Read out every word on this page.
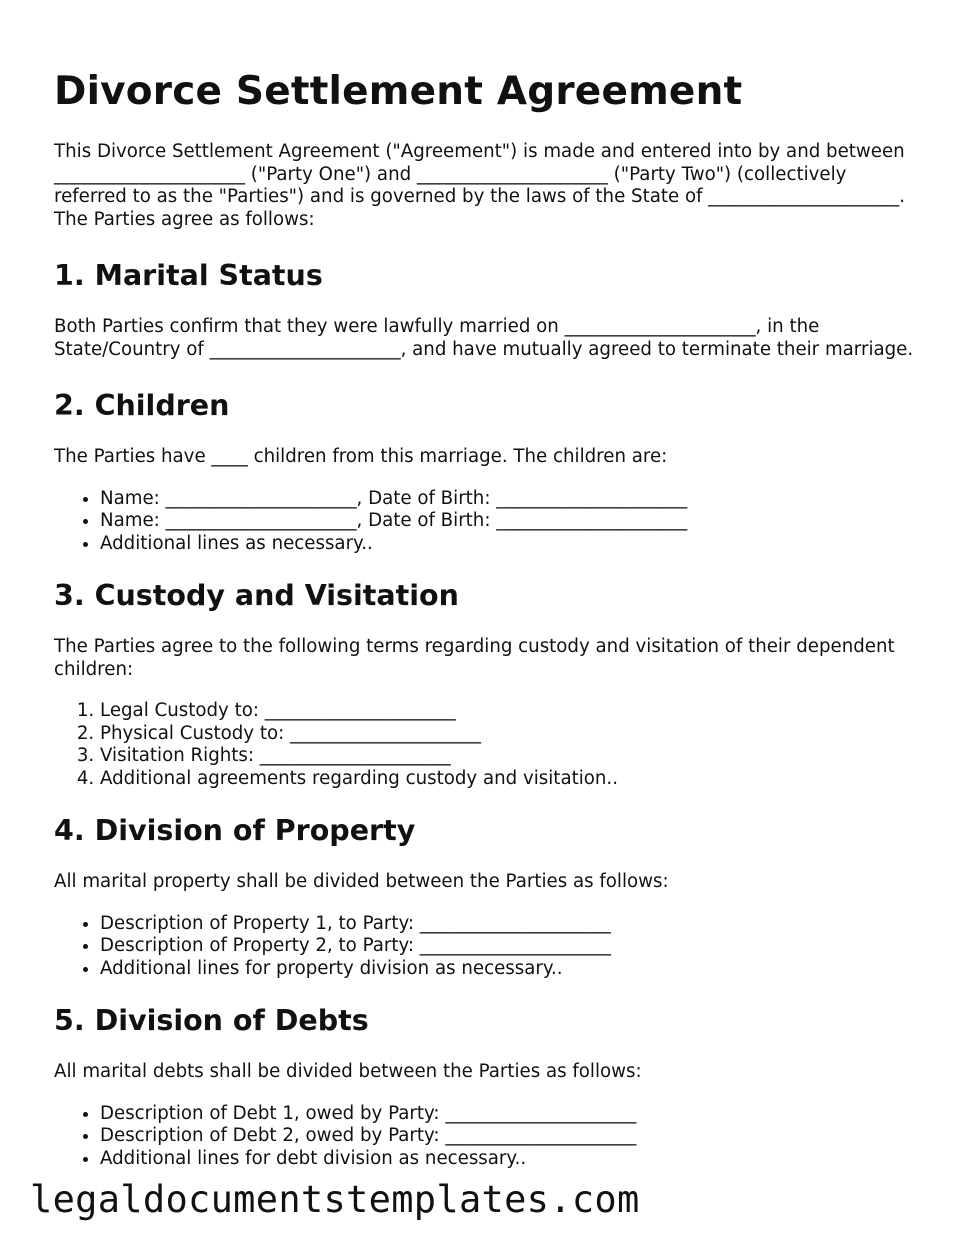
Divorce Settlement Agreement

This Divorce Settlement Agreement ("Agreement") is made and entered into by and between _____________________ ("Party One") and _____________________ ("Party Two") (collectively referred to as the "Parties") and is governed by the laws of the State of _____________________. The Parties agree as follows:

1. Marital Status

Both Parties confirm that they were lawfully married on _____________________, in the State/Country of _____________________, and have mutually agreed to terminate their marriage.

2. Children

The Parties have ____ children from this marriage. The children are:

• Name: _____________________, Date of Birth: _____________________
• Name: _____________________, Date of Birth: _____________________
• Additional lines as necessary..
3. Custody and Visitation

The Parties agree to the following terms regarding custody and visitation of their dependent children:

1. Legal Custody to: _____________________
2. Physical Custody to: _____________________
3. Visitation Rights: _____________________
4. Additional agreements regarding custody and visitation..
4. Division of Property

All marital property shall be divided between the Parties as follows:

• Description of Property 1, to Party: _____________________
• Description of Property 2, to Party: _____________________
• Additional lines for property division as necessary..
5. Division of Debts

All marital debts shall be divided between the Parties as follows:

• Description of Debt 1, owed by Party: _____________________
• Description of Debt 2, owed by Party: _____________________
• Additional lines for debt division as necessary..
legaldocumentstemplates.com
